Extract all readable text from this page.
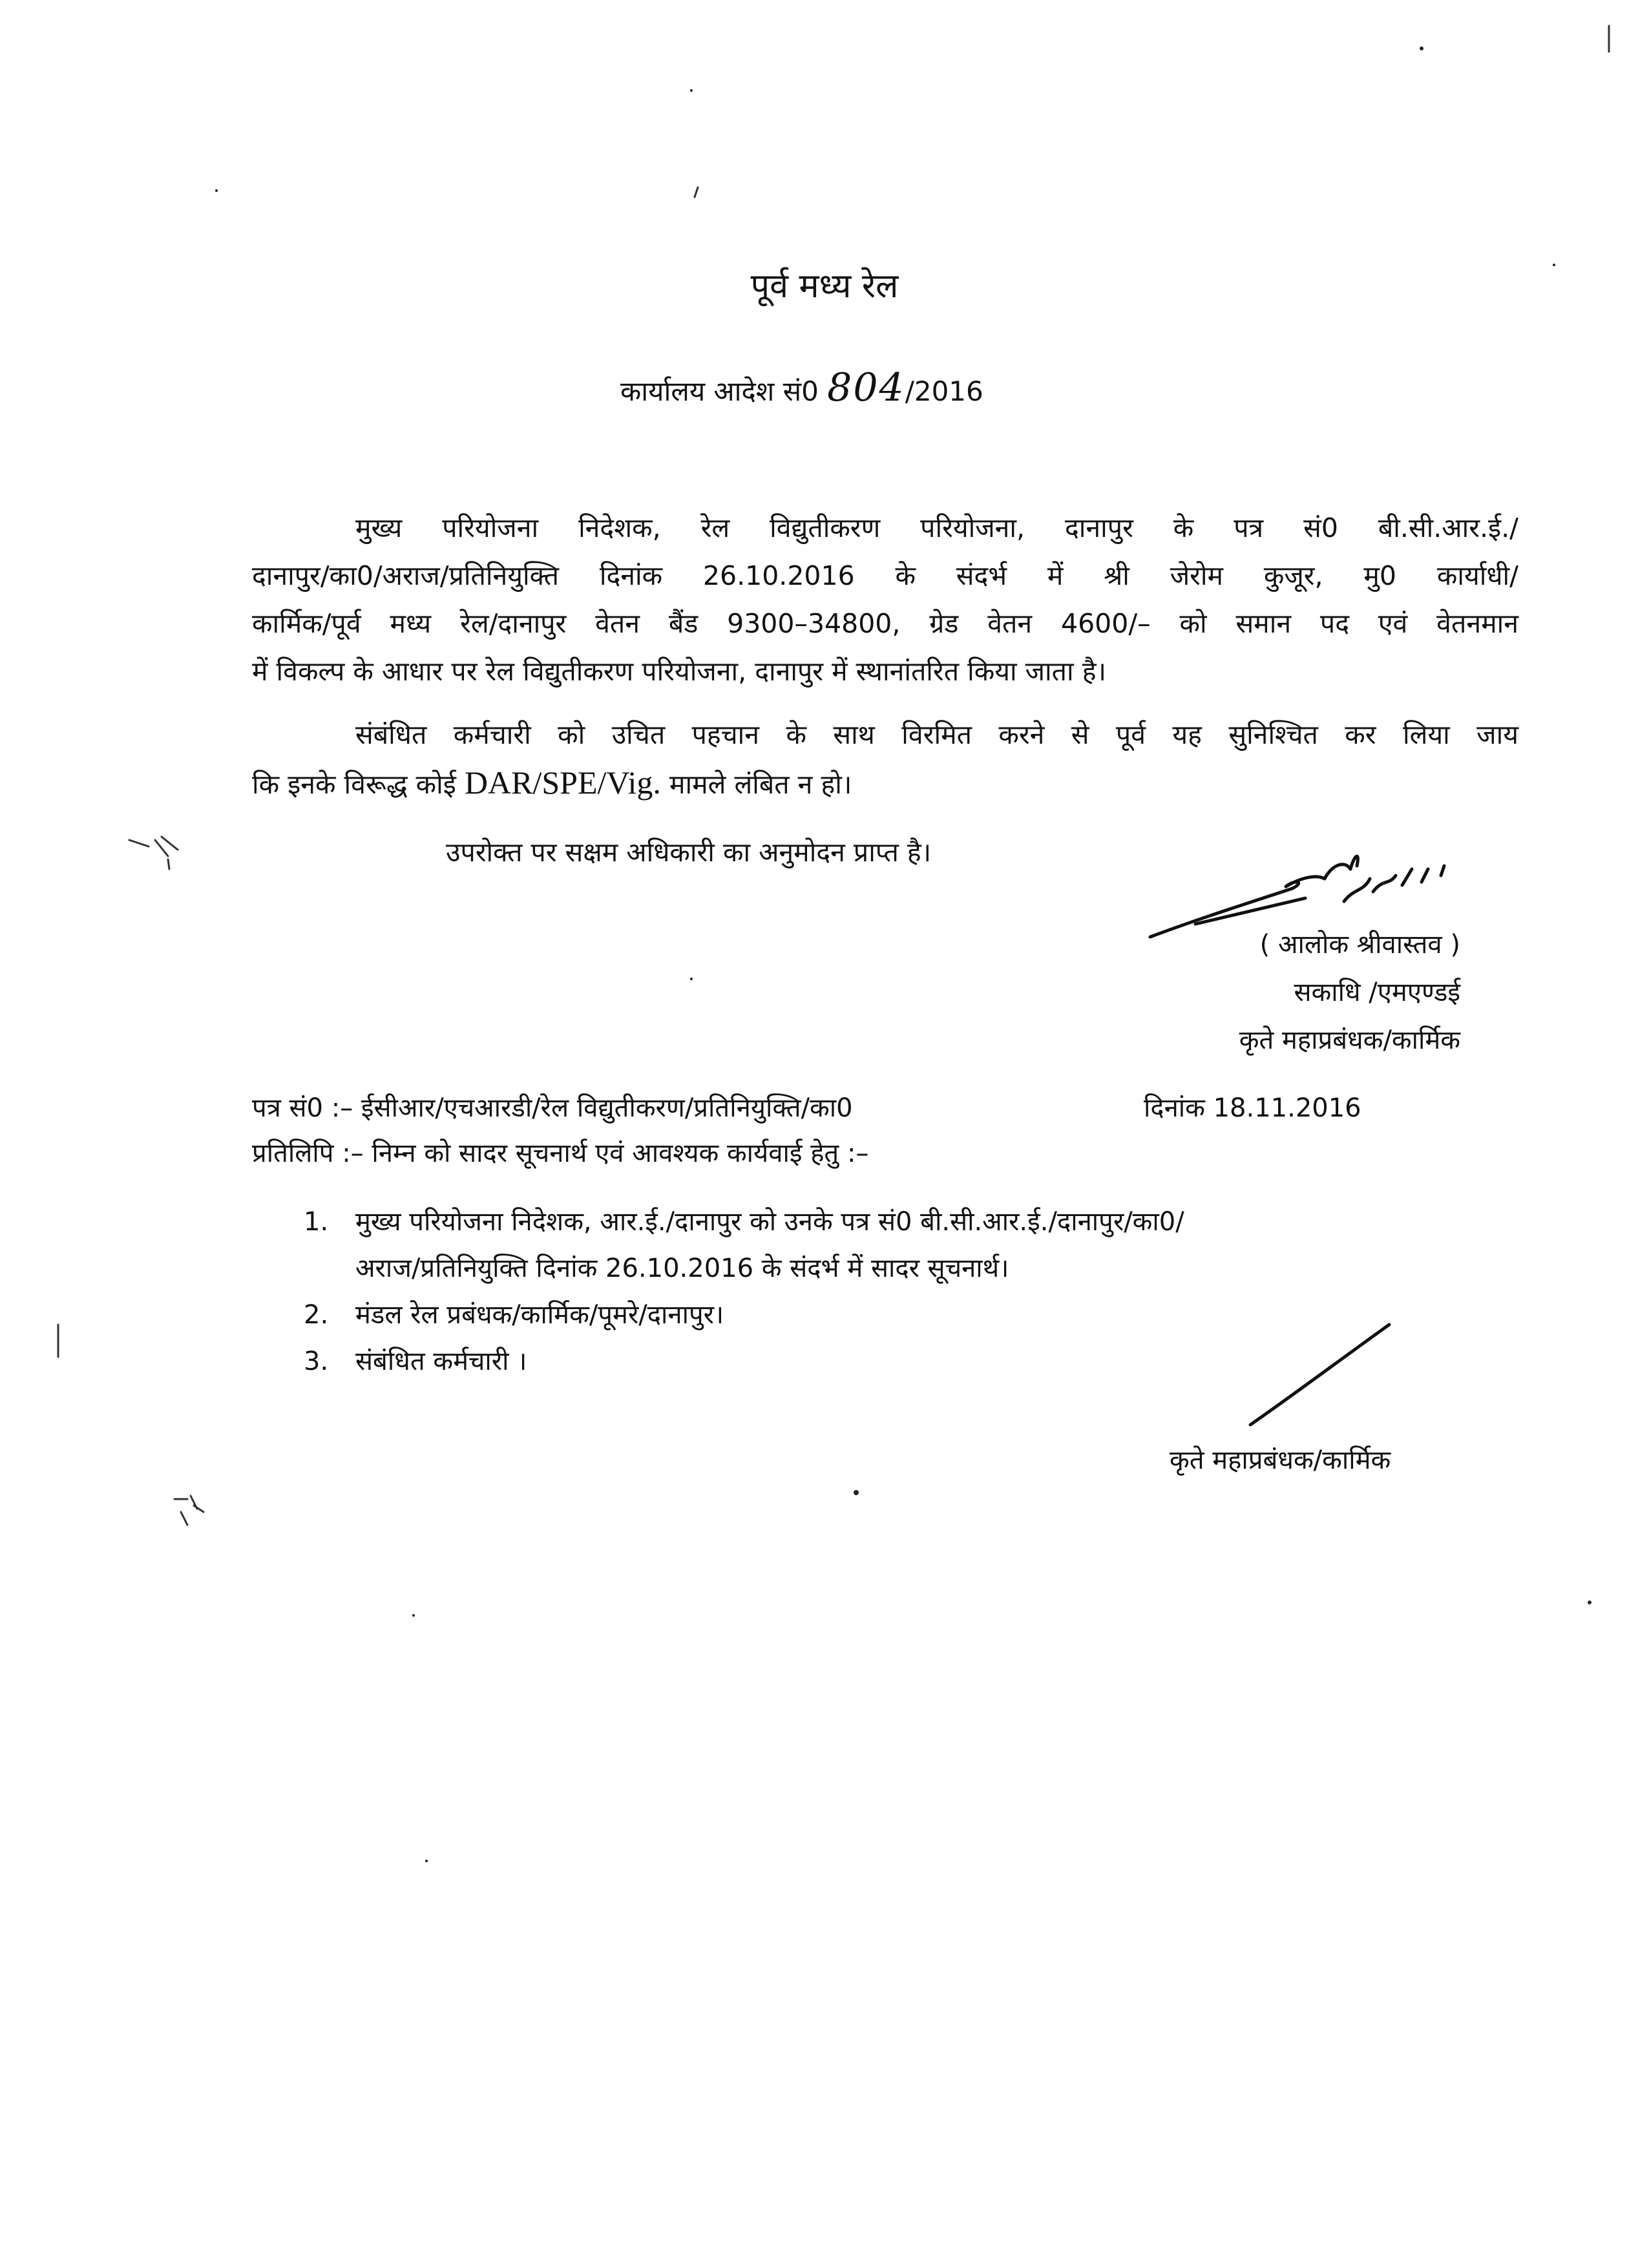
पूर्व मध्य रेल
कार्यालय आदेश सं0 804/2016
मुख्य परियोजना निदेशक, रेल विद्युतीकरण परियोजना, दानापुर के पत्र सं0 बी.सी.आर.ई./
दानापुर/का0/अराज/प्रतिनियुक्ति दिनांक 26.10.2016 के संदर्भ में श्री जेरोम कुजूर, मु0 कार्याधी/
कार्मिक/पूर्व मध्य रेल/दानापुर वेतन बैंड 9300–34800, ग्रेड वेतन 4600/– को समान पद एवं वेतनमान
में विकल्प के आधार पर रेल विद्युतीकरण परियोजना, दानापुर में स्थानांतरित किया जाता है।
संबंधित कर्मचारी को उचित पहचान के साथ विरमित करने से पूर्व यह सुनिश्चित कर लिया जाय
कि इनके विरूद्ध कोई DAR/SPE/Vig. मामले लंबित न हो।
उपरोक्त पर सक्षम अधिकारी का अनुमोदन प्राप्त है।
( आलोक श्रीवास्तव )
सकाधि /एमएण्डई
कृते महाप्रबंधक/कार्मिक
पत्र सं0 :– ईसीआर/एचआरडी/रेल विद्युतीकरण/प्रतिनियुक्ति/का0	दिनांक 18.11.2016
प्रतिलिपि :– निम्न को सादर सूचनार्थ एवं आवश्यक कार्यवाई हेतु :–
1. मुख्य परियोजना निदेशक, आर.ई./दानापुर को उनके पत्र सं0 बी.सी.आर.ई./दानापुर/का0/
अराज/प्रतिनियुक्ति दिनांक 26.10.2016 के संदर्भ में सादर सूचनार्थ।
2. मंडल रेल प्रबंधक/कार्मिक/पूमरे/दानापुर।
3. संबंधित कर्मचारी ।
कृते महाप्रबंधक/कार्मिक
